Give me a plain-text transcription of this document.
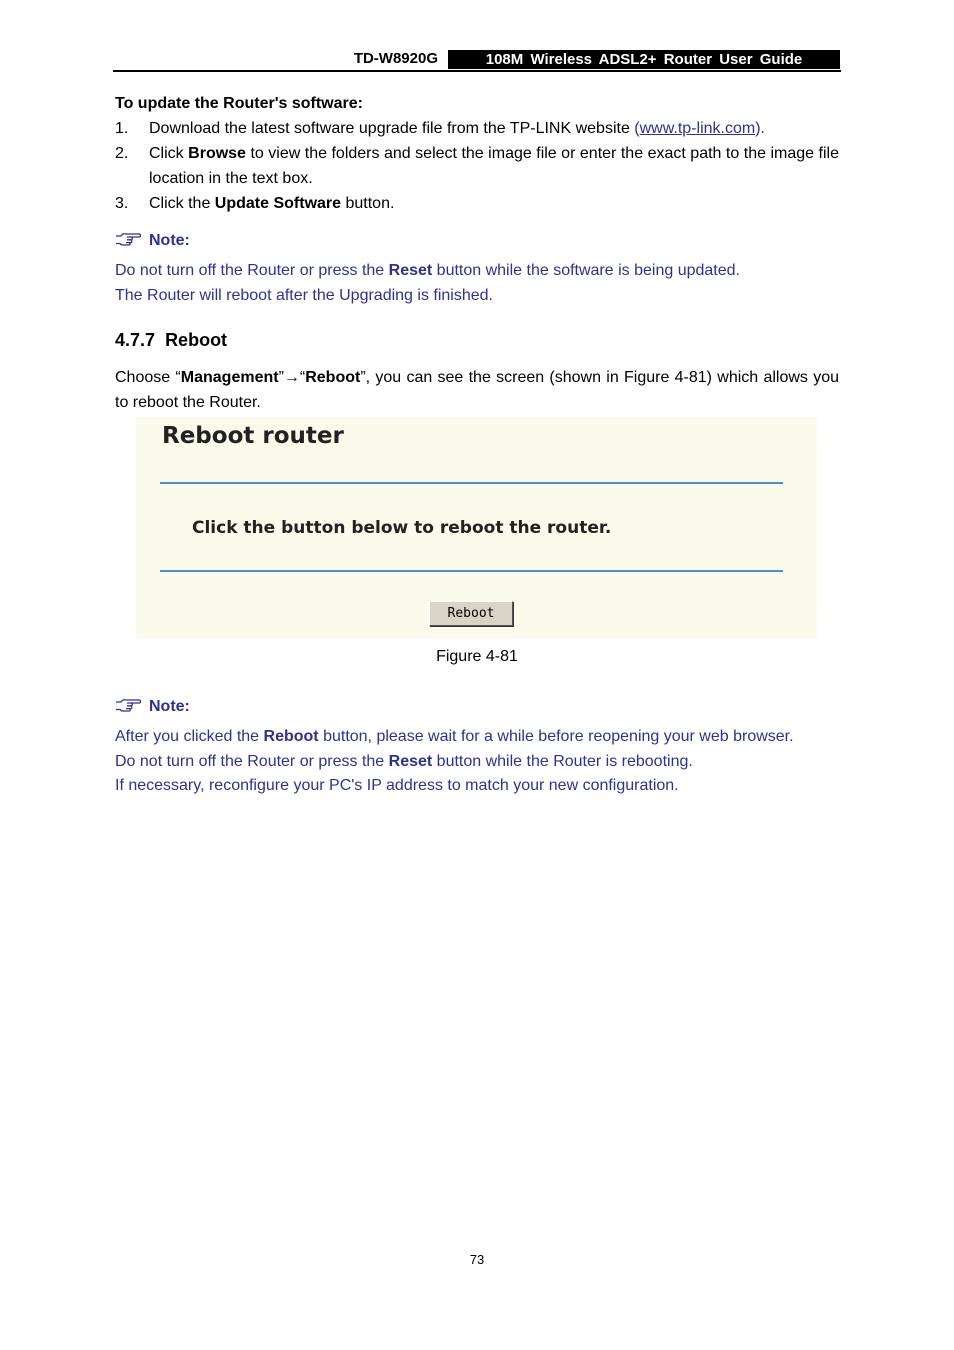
TD-W8920G	108M Wireless ADSL2+ Router User Guide
To update the Router's software:
1. Download the latest software upgrade file from the TP-LINK website (www.tp-link.com).
2. Click Browse to view the folders and select the image file or enter the exact path to the image file location in the text box.
3. Click the Update Software button.
Note:
Do not turn off the Router or press the Reset button while the software is being updated.
The Router will reboot after the Upgrading is finished.
4.7.7 Reboot
Choose “Management”→“Reboot”, you can see the screen (shown in Figure 4-81) which allows you to reboot the Router.
Reboot router
Click the button below to reboot the router.
Reboot
Figure 4-81
Note:
After you clicked the Reboot button, please wait for a while before reopening your web browser.
Do not turn off the Router or press the Reset button while the Router is rebooting.
If necessary, reconfigure your PC's IP address to match your new configuration.
73
